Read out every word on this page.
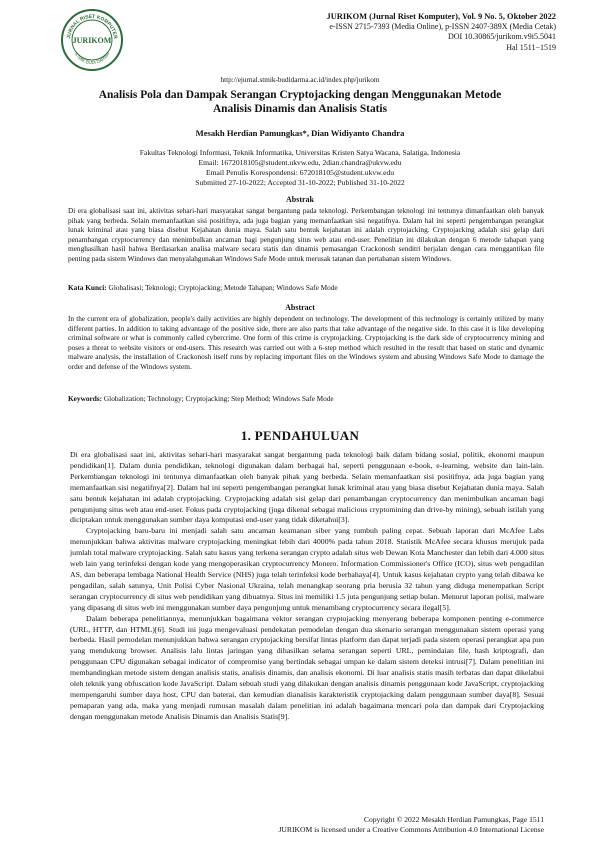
JURNAL RISET KOMPUTER
JURIKOM
STMIK BUDI DARMA
JURIKOM (Jurnal Riset Komputer), Vol. 9 No. 5, Oktober 2022
e-ISSN 2715-7393 (Media Online), p-ISSN 2407-389X (Media Cetak)
DOI 10.30865/jurikom.v9i5.5041
Hal 1511−1519
http://ejurnal.stmik-budidarma.ac.id/index.php/jurikom
Analisis Pola dan Dampak Serangan Cryptojacking dengan Menggunakan Metode Analisis Dinamis dan Analisis Statis
Mesakh Herdian Pamungkas*, Dian Widiyanto Chandra
Fakultas Teknologi Informasi, Teknik Informatika, Universitas Kristen Satya Wacana, Salatiga, Indonesia
Email: 1672018105@student.ukvw.edu, 2dian.chandra@ukvw.edu
Email Penulis Korespondensi: 672018105@student.ukvw.edu
Submitted 27-10-2022; Accepted 31-10-2022; Published 31-10-2022
Abstrak
Di era globalisasi saat ini, aktivitas sehari-hari masyarakat sangat bergantung pada teknologi. Perkembangan teknologi ini tentunya dimanfaatkan oleh banyak pihak yang berbeda. Selain memanfaatkan sisi positifnya, ada juga bagian yang memanfaatkan sisi negatifnya. Dalam hal ini seperti pengembangan perangkat lunak kriminal atau yang biasa disebut Kejahatan dunia maya. Salah satu bentuk kejahatan ini adalah cryptojacking. Cryptojacking adalah sisi gelap dari penambangan cryptocurrency dan menimbulkan ancaman bagi pengunjung situs web atau end-user. Penelitian ini dilakukan dengan 6 metode tahapan yang menghasilkan hasil bahwa Berdasarkan analisa malware secara statis dan dinamis pemasangan Crackonosh senditri berjalan dengan cara menggantikan file penting pada sistem Windows dan menyalahgunakan Windows Safe Mode untuk merusak tatanan dan pertahanan sistem Windows.
Kata Kunci: Globalisasi; Teknologi; Cryptojacking; Metode Tahapan; Windows Safe Mode
Abstract
In the current era of globalization, people's daily activities are highly dependent on technology. The development of this technology is certainly utilized by many different parties. In addition to taking advantage of the positive side, there are also parts that take advantage of the negative side. In this case it is like developing criminal software or what is commonly called cybercrime. One form of this crime is cryptojacking. Cryptojacking is the dark side of cryptocurrency mining and poses a threat to website visitors or end-users. This research was carried out with a 6-step method which resulted in the result that based on static and dynamic malware analysis, the installation of Crackonosh itself runs by replacing important files on the Windows system and abusing Windows Safe Mode to damage the order and defense of the Windows system.
Keywords: Globalization; Technology; Cryptojacking; Step Method; Windows Safe Mode
1. PENDAHULUAN

Di era globalisasi saat ini, aktivitas sehari-hari masyarakat sangat bergantung pada teknologi baik dalam bidang sosial, politik, ekonomi maupun pendidikan[1]. Dalam dunia pendidikan, teknologi digunakan dalam berbagai hal, seperti penggunaan e-book, e-learning, website dan lain-lain. Perkembangan teknologi ini tentunya dimanfaatkan oleh banyak pihak yang berbeda. Selain memanfaatkan sisi positifnya, ada juga bagian yang memanfaatkan sisi negatifnya[2]. Dalam hal ini seperti pengembangan perangkat lunak kriminal atau yang biasa disebut Kejahatan dunia maya. Salah satu bentuk kejahatan ini adalah cryptojacking. Cryptojacking adalah sisi gelap dari penambangan cryptocurrency dan menimbulkan ancaman bagi pengunjung situs web atau end-user. Fokus pada cryptojacking (juga dikenal sebagai malicious cryptomining dan drive-by mining), sebuah istilah yang diciptakan untuk menggunakan sumber daya komputasi end-user yang tidak diketahui[3].

Cryptojacking baru-baru ini menjadi salah satu ancaman keamanan siber yang tumbuh paling cepat. Sebuah laporan dari McAfee Labs menunjukkan bahwa aktivitas malware cryptojacking meningkat lebih dari 4000% pada tahun 2018. Statistik McAfee secara khusus merujuk pada jumlah total malware cryptojacking. Salah satu kasus yang terkena serangan crypto adalah situs web Dewan Kota Manchester dan lebih dari 4.000 situs web lain yang terinfeksi dengan kode yang mengoperasikan cryptocurrency Monero. Information Commissioner's Office (ICO), situs web pengadilan AS, dan beberapa lembaga National Health Service (NHS) juga telah terinfeksi kode berbahaya[4]. Untuk kasus kejahatan crypto yang telah dibawa ke pengadilan, salah satunya, Unit Polisi Cyber Nasional Ukraina, telah menangkap seorang pria berusia 32 tahun yang diduga menempatkan Script serangan cryptocurrency di situs web pendidikan yang dibuatnya. Situs ini memiliki 1.5 juta pengunjung setiap bulan. Menurut laporan polisi, malware yang dipasang di situs web ini menggunakan sumber daya pengunjung untuk menambang cryptocurrency secara ilegal[5].

Dalam beberapa penelitiannya, menunjukkan bagaimana vektor serangan cryptojacking menyerang beberapa komponen penting e-commerce (URL, HTTP, dan HTML)[6]. Studi ini juga mengevaluasi pendekatan pemodelan dengan dua skenario serangan menggunakan sistem operasi yang berbeda. Hasil pemodelan menunjukkan bahwa serangan cryptojacking bersifat lintas platform dan dapat terjadi pada sistem operasi perangkat apa pun yang mendukung browser. Analisis lalu lintas jaringan yang dihasilkan selama serangan seperti URL, pemindaian file, hash kriptografi, dan penggunaan CPU digunakan sebagai indicator of compromise yang bertindak sebagai umpan ke dalam sistem deteksi intrusi[7]. Dalam penelitian ini membandingkan metode sistem dengan analisis statis, analisis dinamis, dan analisis ekonomi. Di luar analisis statis masih terbatas dan dapat dikelabui oleh teknik yang obfuscation kode JavaScript. Dalam sebuah studi yang dilakukan dengan analisis dinamis penggunaan kode JavaScript, cryptojacking mempengaruhi sumber daya host, CPU dan baterai, dan kemudian dianalisis karakteristik cryptojacking dalam penggunaan sumber daya[8]. Sesuai pemaparan yang ada, maka yang menjadi rumusan masalah dalam penelitian ini adalah bagaimana mencari pola dan dampak dari Cryptojacking dengan menggunakan metode Analisis Dinamis dan Analisis Statis[9].

Copyright © 2022 Mesakh Herdian Pamungkas, Page 1511
JURIKOM is licensed under a Creative Commons Attribution 4.0 International License
